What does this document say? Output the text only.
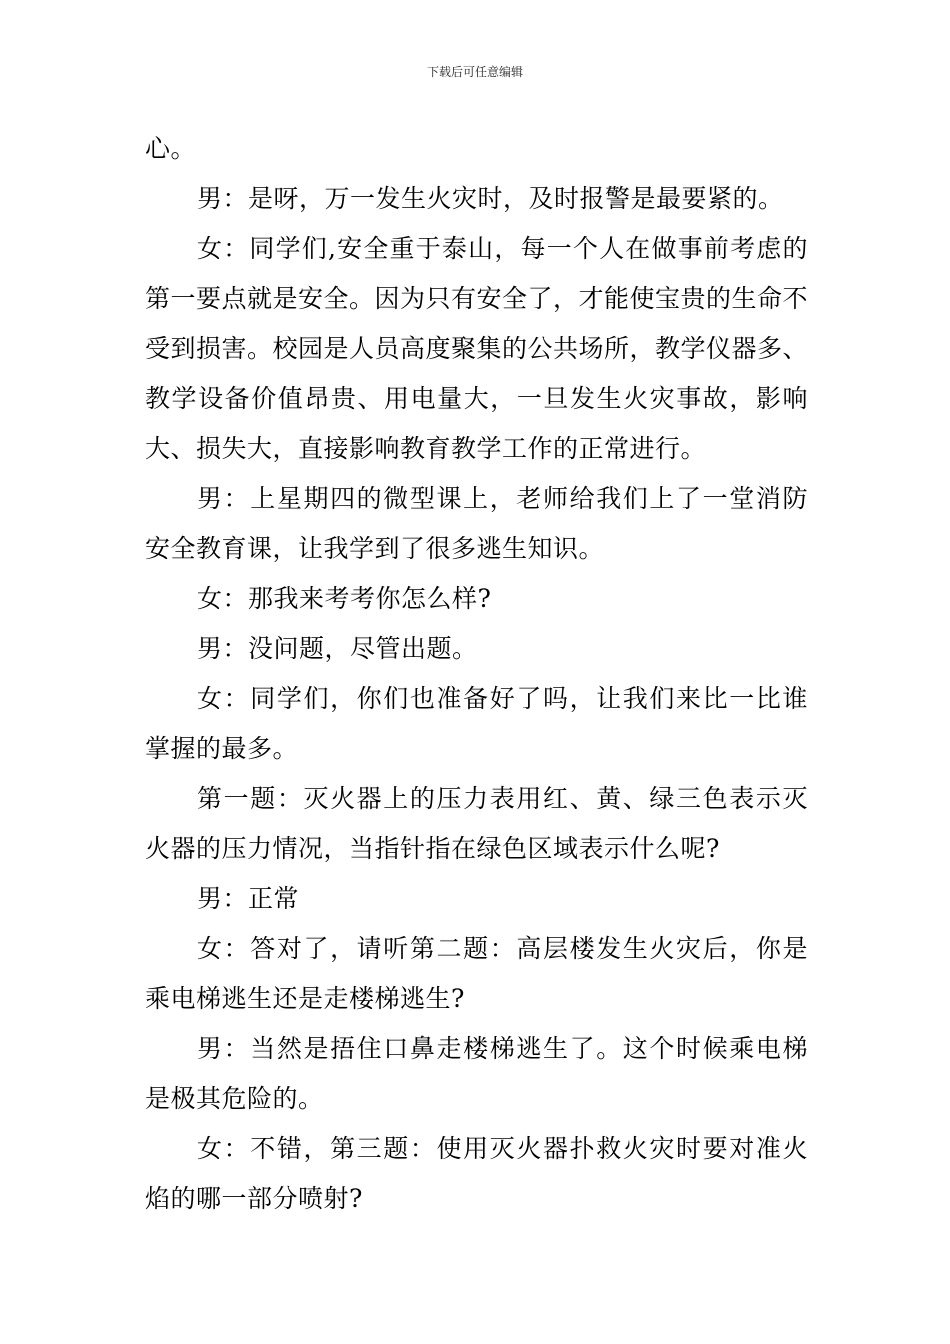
下载后可任意编辑

心。

男：是呀，万一发生火灾时，及时报警是最要紧的。

女：同学们,安全重于泰山，每一个人在做事前考虑的第一要点就是安全。因为只有安全了，才能使宝贵的生命不受到损害。校园是人员高度聚集的公共场所，教学仪器多、教学设备价值昂贵、用电量大，一旦发生火灾事故，影响大、损失大，直接影响教育教学工作的正常进行。

男：上星期四的微型课上，老师给我们上了一堂消防安全教育课，让我学到了很多逃生知识。

女：那我来考考你怎么样?

男：没问题，尽管出题。

女：同学们，你们也准备好了吗，让我们来比一比谁掌握的最多。

第一题：灭火器上的压力表用红、黄、绿三色表示灭火器的压力情况，当指针指在绿色区域表示什么呢?

男：正常

女：答对了，请听第二题：高层楼发生火灾后，你是乘电梯逃生还是走楼梯逃生?

男：当然是捂住口鼻走楼梯逃生了。这个时候乘电梯是极其危险的。

女：不错，第三题：使用灭火器扑救火灾时要对准火焰的哪一部分喷射?
